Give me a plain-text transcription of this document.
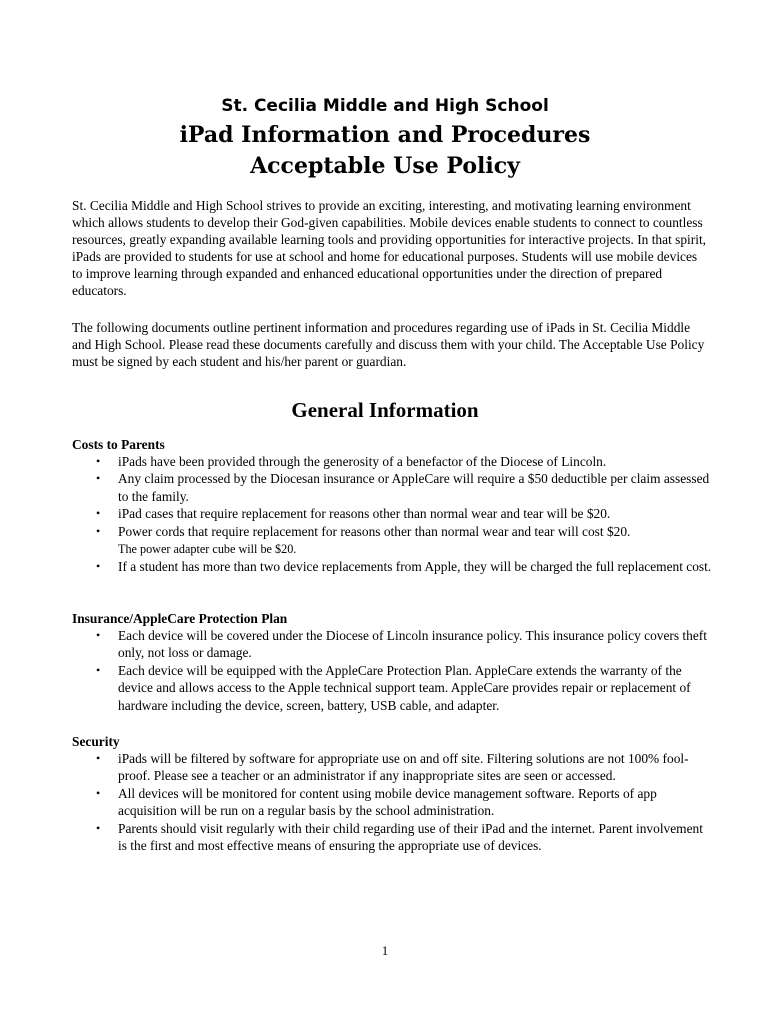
St. Cecilia Middle and High School
iPad Information and Procedures
Acceptable Use Policy

St. Cecilia Middle and High School strives to provide an exciting, interesting, and motivating learning environment which allows students to develop their God-given capabilities. Mobile devices enable students to connect to countless resources, greatly expanding available learning tools and providing opportunities for interactive projects. In that spirit, iPads are provided to students for use at school and home for educational purposes. Students will use mobile devices to improve learning through expanded and enhanced educational opportunities under the direction of prepared educators.

The following documents outline pertinent information and procedures regarding use of iPads in St. Cecilia Middle and High School. Please read these documents carefully and discuss them with your child. The Acceptable Use Policy must be signed by each student and his/her parent or guardian.

General Information
Costs to Parents
• iPads have been provided through the generosity of a benefactor of the Diocese of Lincoln.
• Any claim processed by the Diocesan insurance or AppleCare will require a $50 deductible per claim assessed to the family.
• iPad cases that require replacement for reasons other than normal wear and tear will be $20.
• Power cords that require replacement for reasons other than normal wear and tear will cost $20.
The power adapter cube will be $20.
• If a student has more than two device replacements from Apple, they will be charged the full replacement cost.
Insurance/AppleCare Protection Plan
• Each device will be covered under the Diocese of Lincoln insurance policy. This insurance policy covers theft only, not loss or damage.
• Each device will be equipped with the AppleCare Protection Plan. AppleCare extends the warranty of the device and allows access to the Apple technical support team. AppleCare provides repair or replacement of hardware including the device, screen, battery, USB cable, and adapter.
Security
• iPads will be filtered by software for appropriate use on and off site. Filtering solutions are not 100% fool-proof. Please see a teacher or an administrator if any inappropriate sites are seen or accessed.
• All devices will be monitored for content using mobile device management software. Reports of app acquisition will be run on a regular basis by the school administration.
• Parents should visit regularly with their child regarding use of their iPad and the internet. Parent involvement is the first and most effective means of ensuring the appropriate use of devices.
1
